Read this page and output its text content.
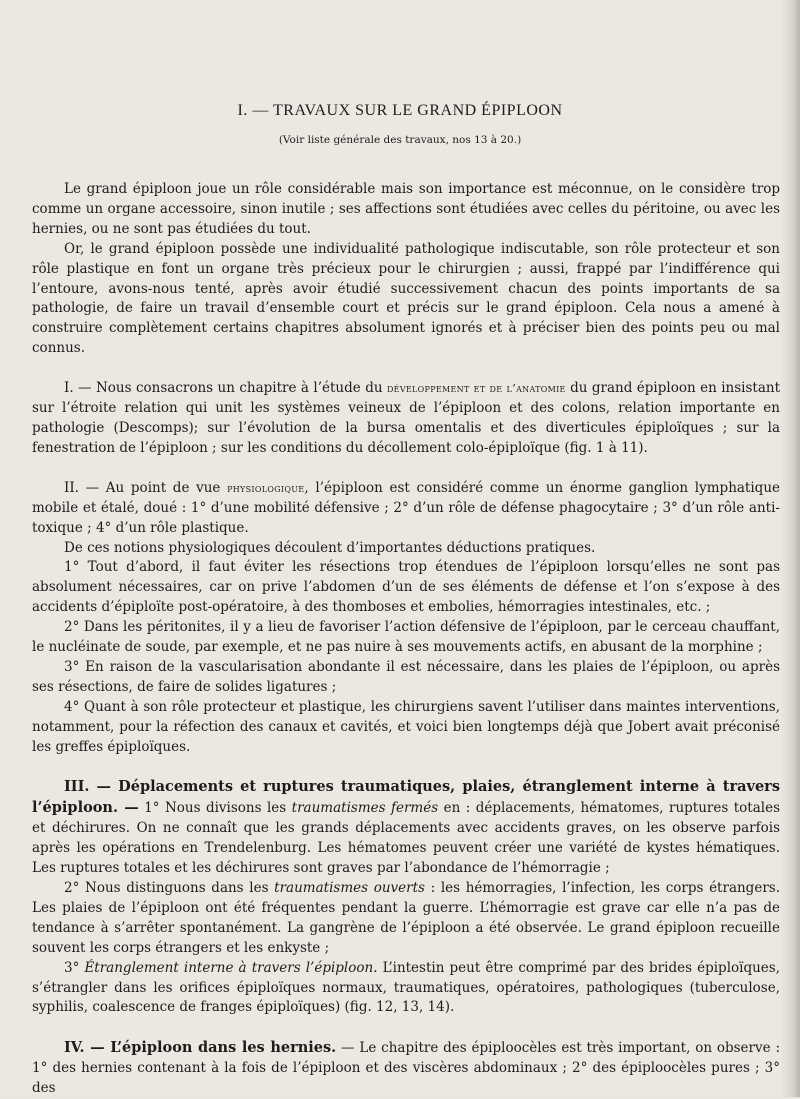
I. — TRAVAUX SUR LE GRAND ÉPIPLOON
(Voir liste générale des travaux, nos 13 à 20.)

Le grand épiploon joue un rôle considérable mais son importance est méconnue, on le considère trop comme un organe accessoire, sinon inutile ; ses affections sont étudiées avec celles du péritoine, ou avec les hernies, ou ne sont pas étudiées du tout.

Or, le grand épiploon possède une individualité pathologique indiscutable, son rôle protecteur et son rôle plastique en font un organe très précieux pour le chirurgien ; aussi, frappé par l’indifférence qui l’entoure, avons-nous tenté, après avoir étudié successivement chacun des points importants de sa pathologie, de faire un travail d’ensemble court et précis sur le grand épiploon. Cela nous a amené à construire complètement certains chapitres absolument ignorés et à préciser bien des points peu ou mal connus.

I. — Nous consacrons un chapitre à l’étude du développement et de l’anatomie du grand épiploon en insistant sur l’étroite relation qui unit les systèmes veineux de l’épiploon et des colons, relation importante en pathologie (Descomps); sur l’évolution de la bursa omentalis et des diverticules épiploïques ; sur la fenestration de l’épiploon ; sur les conditions du décollement colo-épiploïque (fig. 1 à 11).

II. — Au point de vue physiologique, l’épiploon est considéré comme un énorme ganglion lymphatique mobile et étalé, doué : 1° d’une mobilité défensive ; 2° d’un rôle de défense phagocytaire ; 3° d’un rôle anti-toxique ; 4° d’un rôle plastique.

De ces notions physiologiques découlent d’importantes déductions pratiques.

1° Tout d’abord, il faut éviter les résections trop étendues de l’épiploon lorsqu’elles ne sont pas absolument nécessaires, car on prive l’abdomen d’un de ses éléments de défense et l’on s’expose à des accidents d’épiploïte post-opératoire, à des thomboses et embolies, hémorragies intestinales, etc. ;

2° Dans les péritonites, il y a lieu de favoriser l’action défensive de l’épiploon, par le cerceau chauffant, le nucléinate de soude, par exemple, et ne pas nuire à ses mouvements actifs, en abusant de la morphine ;

3° En raison de la vascularisation abondante il est nécessaire, dans les plaies de l’épiploon, ou après ses résections, de faire de solides ligatures ;

4° Quant à son rôle protecteur et plastique, les chirurgiens savent l’utiliser dans maintes interventions, notamment, pour la réfection des canaux et cavités, et voici bien longtemps déjà que Jobert avait préconisé les greffes épiploïques.

III. — Déplacements et ruptures traumatiques, plaies, étranglement interne à travers l’épiploon. — 1° Nous divisons les traumatismes fermés en : déplacements, hématomes, ruptures totales et déchirures. On ne connaît que les grands déplacements avec accidents graves, on les observe parfois après les opérations en Trendelenburg. Les hématomes peuvent créer une variété de kystes hématiques. Les ruptures totales et les déchirures sont graves par l’abondance de l’hémorragie ;

2° Nous distinguons dans les traumatismes ouverts : les hémorragies, l’infection, les corps étrangers. Les plaies de l’épiploon ont été fréquentes pendant la guerre. L’hémorragie est grave car elle n’a pas de tendance à s’arrêter spontanément. La gangrène de l’épiploon a été observée. Le grand épiploon recueille souvent les corps étrangers et les enkyste ;

3° Étranglement interne à travers l’épiploon. L’intestin peut être comprimé par des brides épiploïques, s’étrangler dans les orifices épiploïques normaux, traumatiques, opératoires, pathologiques (tuberculose, syphilis, coalescence de franges épiploïques) (fig. 12, 13, 14).

IV. — L’épiploon dans les hernies. — Le chapitre des épiploocèles est très important, on observe : 1° des hernies contenant à la fois de l’épiploon et des viscères abdominaux ; 2° des épiploocèles pures ; 3° des
